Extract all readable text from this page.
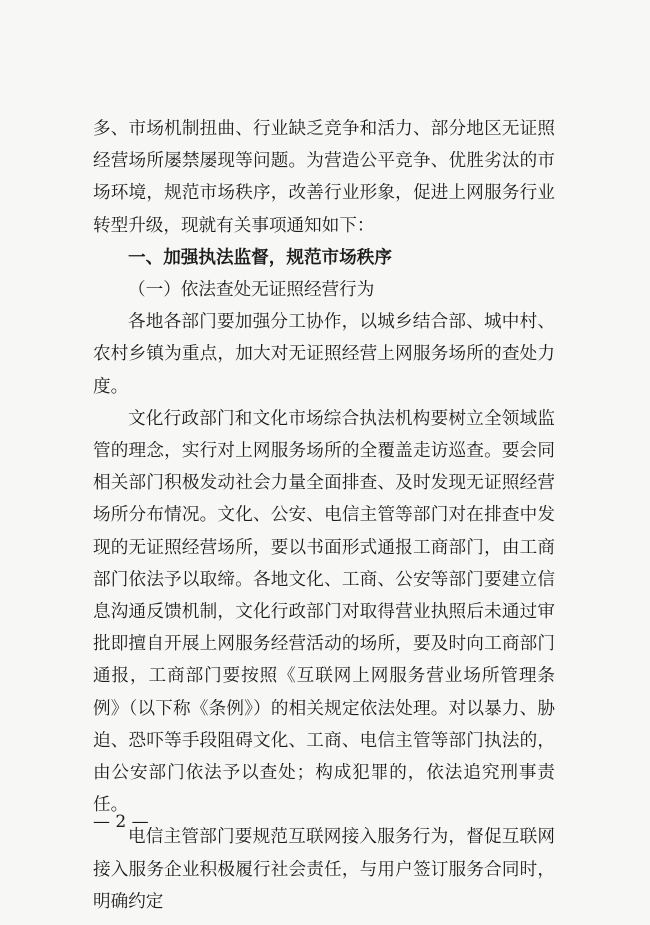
多、市场机制扭曲、行业缺乏竞争和活力、部分地区无证照经营场所屡禁屡现等问题。为营造公平竞争、优胜劣汰的市场环境，规范市场秩序，改善行业形象，促进上网服务行业转型升级，现就有关事项通知如下：

一、加强执法监督，规范市场秩序

（一）依法查处无证照经营行为

各地各部门要加强分工协作，以城乡结合部、城中村、农村乡镇为重点，加大对无证照经营上网服务场所的查处力度。

文化行政部门和文化市场综合执法机构要树立全领域监管的理念，实行对上网服务场所的全覆盖走访巡查。要会同相关部门积极发动社会力量全面排查、及时发现无证照经营场所分布情况。文化、公安、电信主管等部门对在排查中发现的无证照经营场所，要以书面形式通报工商部门，由工商部门依法予以取缔。各地文化、工商、公安等部门要建立信息沟通反馈机制，文化行政部门对取得营业执照后未通过审批即擅自开展上网服务经营活动的场所，要及时向工商部门通报，工商部门要按照《互联网上网服务营业场所管理条例》（以下称《条例》）的相关规定依法处理。对以暴力、胁迫、恐吓等手段阻碍文化、工商、电信主管等部门执法的，由公安部门依法予以查处；构成犯罪的，依法追究刑事责任。

电信主管部门要规范互联网接入服务行为，督促互联网接入服务企业积极履行社会责任，与用户签订服务合同时，明确约定

— 2 —
